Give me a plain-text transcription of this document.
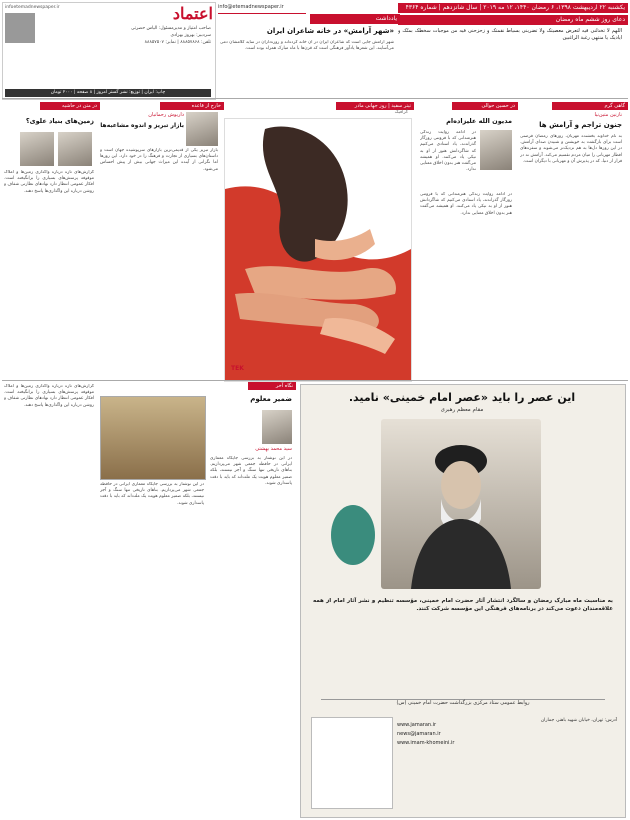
یکشنبه ۲۲ اردیبهشت ۱۳۹۸، ۶ رمضان ۱۴۴۰، ۱۲ مه ۲۰۱۹ | سال شانزدهم | شماره ۴۳۶۴
اعتماد
infoetemadnewspaper.ir
صاحب امتیاز و مدیرمسئول: الیاس حضرتی
سردبیر: بهروز بهزادی
تلفن: ۸۸۸۵۷۸۶۸ | نمابر: ۸۸۸۵۷۵۰۷
چاپ: ایران | توزیع: نشر گستر امروز | ۸ صفحه | ۲۰۰۰ تومان
info@etemadnewspaper.ir
یادداشت
«شهر آرامش» در خانه شاعران ایران
شهر آرامش جایی است که شاعران ایران در آن خانه کرده‌اند و روزه‌داران در سایه کلامشان دمی می‌آسایند. این شعرها یادآور فرهنگی است که قرن‌ها با ماه مبارک همراه بوده است.
دعای روز ششم ماه رمضان
اللهم لا تخذلنی فیه لتعرض معصیتک ولا تضربنی بسیاط نقمتک و زحزحنی فیه من موجبات سخطک بمنّک و ایادیک یا منتهی رغبة الراغبین
گاهی گرم
نازنین متین‌نیا
جنون تراجم و آرامش ها
به نام خداوند بخشنده مهربان، روزهای رمضان فرصتی است برای بازگشت به خویشتن و شنیدن صدای آرامش. در این روزها دل‌ها به هم نزدیک‌تر می‌شوند و سفره‌های افطار مهربانی را میان مردم تقسیم می‌کند. آرامش نه در فرار از دنیا، که در پذیرش آن و مهربانی با دیگران است.
در حسین حوالی
مدیون الله علیزاده‌ام
در ادامه روایت زندگی هنرمندانی که با فروتنی روزگار گذراندند، یاد استادی می‌کنیم که شاگردانش هنوز از او به نیکی یاد می‌کنند. او همیشه می‌گفت هنر بدون اخلاق معنایی ندارد.
در ادامه روایت زندگی هنرمندانی که با فروتنی روزگار گذراندند، یاد استادی می‌کنیم که شاگردانش هنوز از او به نیکی یاد می‌کنند. او همیشه می‌گفت هنر بدون اخلاق معنایی ندارد.
تیتر سفید | روز جهانی مادر
گرافیک
TEK
خارج از قاعده
داریوش رحمانیان
بازار تبریز و اندوه مشاعبه‌ها
بازار تبریز یکی از قدیمی‌ترین بازارهای سرپوشیده جهان است و داستان‌های بسیاری از تجارت و فرهنگ را در خود دارد. این روزها اما نگرانی از آینده این میراث جهانی بیش از پیش احساس می‌شود.
در متن در حاشیه
زمین‌های بنیاد علوی؟
گزارش‌های تازه درباره واگذاری زمین‌ها و املاک موقوفه پرسش‌های بسیاری را برانگیخته است. افکار عمومی انتظار دارد نهادهای نظارتی شفاف و روشن درباره این واگذاری‌ها پاسخ دهند.
نگاه آخر
ضمیر معلوم
سید محمد بهشتی
در این نوشتار به بررسی جایگاه معماری ایرانی در حافظه جمعی شهر می‌پردازیم. بناهای تاریخی تنها سنگ و آجر نیستند، بلکه ضمیر معلوم هویت یک ملت‌اند که باید با دقت پاسداری شوند.
در این نوشتار به بررسی جایگاه معماری ایرانی در حافظه جمعی شهر می‌پردازیم. بناهای تاریخی تنها سنگ و آجر نیستند، بلکه ضمیر معلوم هویت یک ملت‌اند که باید با دقت پاسداری شوند.
گزارش‌های تازه درباره واگذاری زمین‌ها و املاک موقوفه پرسش‌های بسیاری را برانگیخته است. افکار عمومی انتظار دارد نهادهای نظارتی شفاف و روشن درباره این واگذاری‌ها پاسخ دهند.
این عصر را باید «عصر امام خمینی» نامید.
مقام معظم رهبری
به مناسبت ماه مبارک رمضان و سالگرد انتشار آثار حضرت امام خمینی، مؤسسه تنظیم و نشر آثار امام از همه علاقه‌مندان دعوت می‌کند در برنامه‌های فرهنگی این مؤسسه شرکت کنند.
روابط عمومی ستاد مرکزی بزرگداشت حضرت امام خمینی (س)
www.jamaran.ir
news@jamaran.ir
www.imam-khomeini.ir
آدرس: تهران، خیابان شهید باهنر، جماران
